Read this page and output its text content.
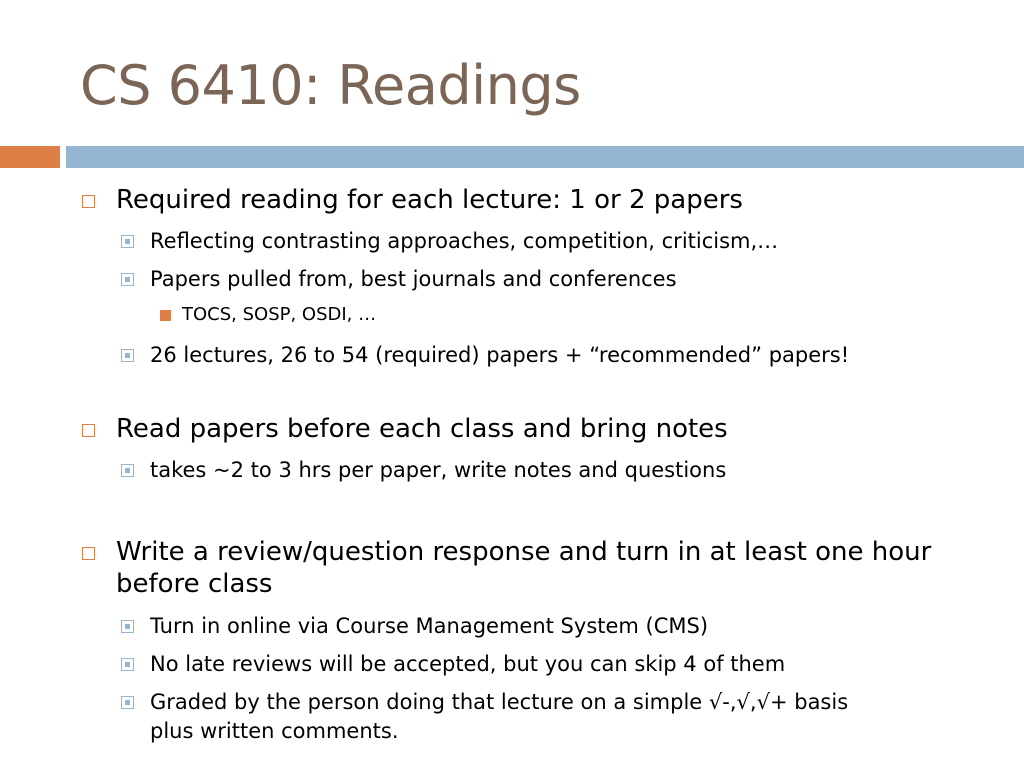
CS 6410: Readings
Required reading for each lecture: 1 or 2 papers
Reflecting contrasting approaches, competition, criticism,…
Papers pulled from, best journals and conferences
TOCS, SOSP, OSDI, …
26 lectures, 26 to 54 (required) papers + “recommended” papers!
Read papers before each class and bring notes
takes ~2 to 3 hrs per paper, write notes and questions
Write a review/question response and turn in at least one hour
before class
Turn in online via Course Management System (CMS)
No late reviews will be accepted, but you can skip 4 of them
Graded by the person doing that lecture on a simple √-,√,√+ basis
plus written comments.
